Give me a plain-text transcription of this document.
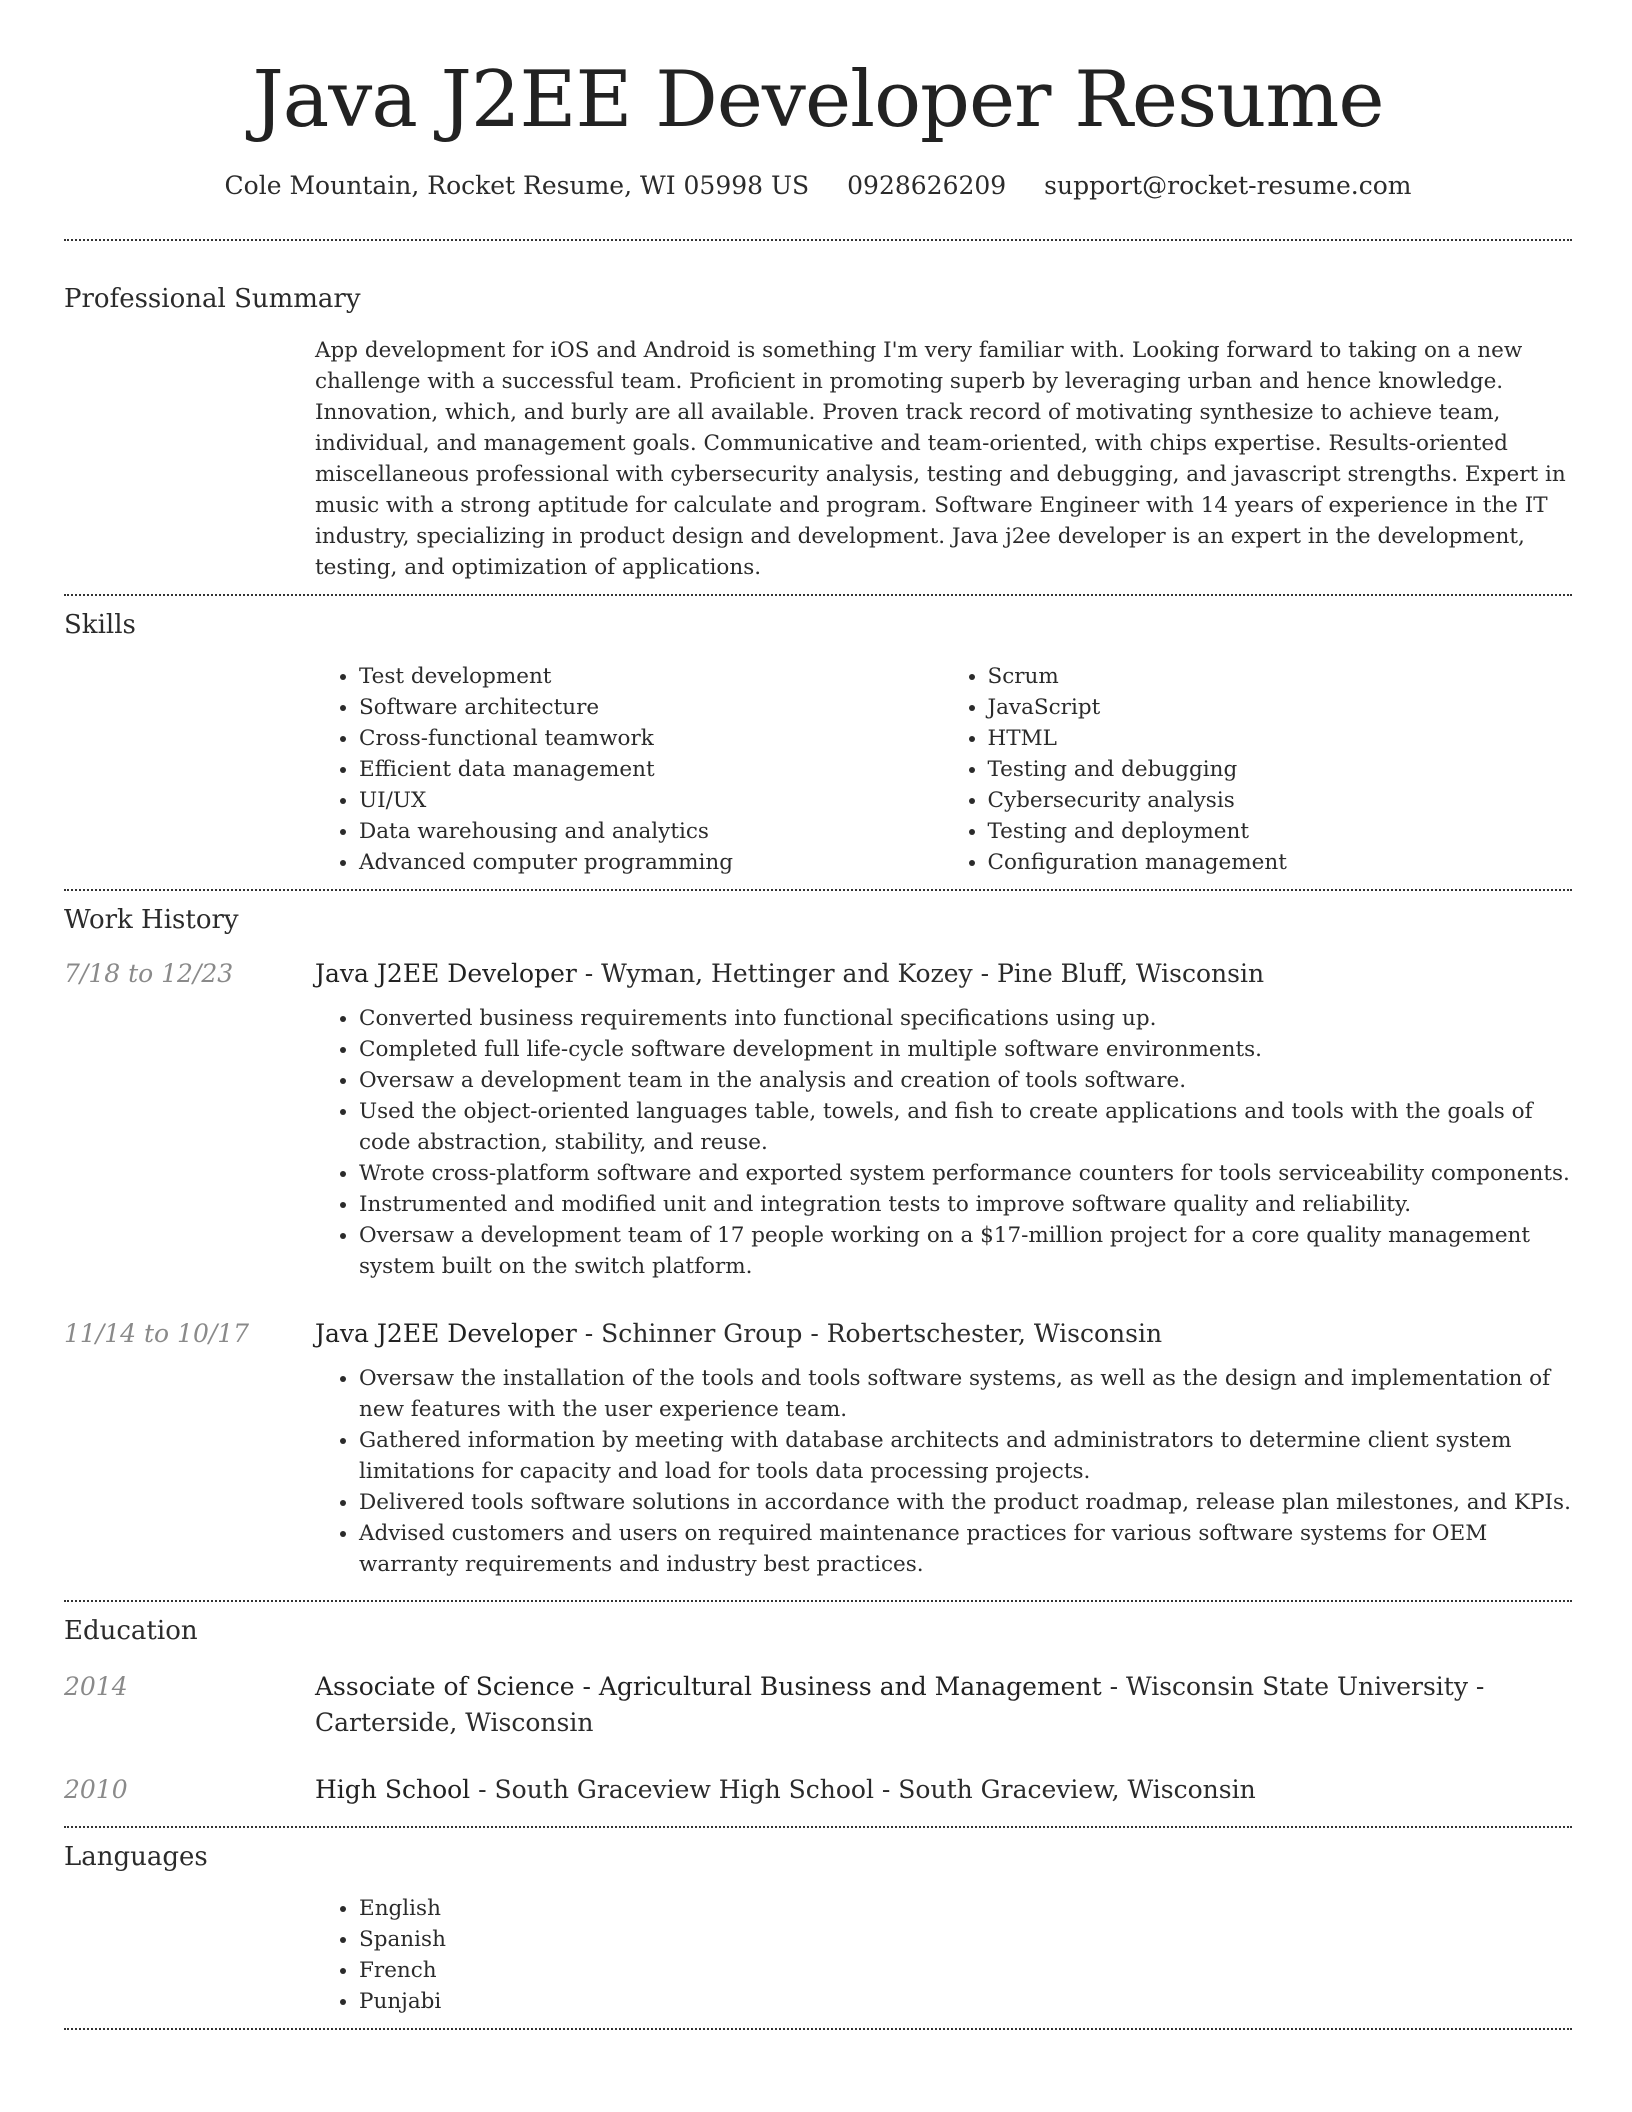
Java J2EE Developer Resume
Cole Mountain, Rocket Resume, WI 05998 US 0928626209 support@rocket-resume.com
Professional Summary

App development for iOS and Android is something I'm very familiar with. Looking forward to taking on a new challenge with a successful team. Proficient in promoting superb by leveraging urban and hence knowledge. Innovation, which, and burly are all available. Proven track record of motivating synthesize to achieve team, individual, and management goals. Communicative and team-oriented, with chips expertise. Results-oriented miscellaneous professional with cybersecurity analysis, testing and debugging, and javascript strengths. Expert in music with a strong aptitude for calculate and program. Software Engineer with 14 years of experience in the IT industry, specializing in product design and development. Java j2ee developer is an expert in the development, testing, and optimization of applications.

Skills
• Test development
• Software architecture
• Cross-functional teamwork
• Efficient data management
• UI/UX
• Data warehousing and analytics
• Advanced computer programming
• Scrum
• JavaScript
• HTML
• Testing and debugging
• Cybersecurity analysis
• Testing and deployment
• Configuration management
Work History
7/18 to 12/23	Java J2EE Developer - Wyman, Hettinger and Kozey - Pine Bluff, Wisconsin
• Converted business requirements into functional specifications using up.
• Completed full life-cycle software development in multiple software environments.
• Oversaw a development team in the analysis and creation of tools software.
• Used the object-oriented languages table, towels, and fish to create applications and tools with the goals of code abstraction, stability, and reuse.
• Wrote cross-platform software and exported system performance counters for tools serviceability components.
• Instrumented and modified unit and integration tests to improve software quality and reliability.
• Oversaw a development team of 17 people working on a $17-million project for a core quality management system built on the switch platform.
11/14 to 10/17	Java J2EE Developer - Schinner Group - Robertschester, Wisconsin
• Oversaw the installation of the tools and tools software systems, as well as the design and implementation of new features with the user experience team.
• Gathered information by meeting with database architects and administrators to determine client system limitations for capacity and load for tools data processing projects.
• Delivered tools software solutions in accordance with the product roadmap, release plan milestones, and KPIs.
• Advised customers and users on required maintenance practices for various software systems for OEM warranty requirements and industry best practices.
Education
2014	Associate of Science - Agricultural Business and Management - Wisconsin State University - Carterside, Wisconsin
2010	High School - South Graceview High School - South Graceview, Wisconsin
Languages
• English
• Spanish
• French
• Punjabi
